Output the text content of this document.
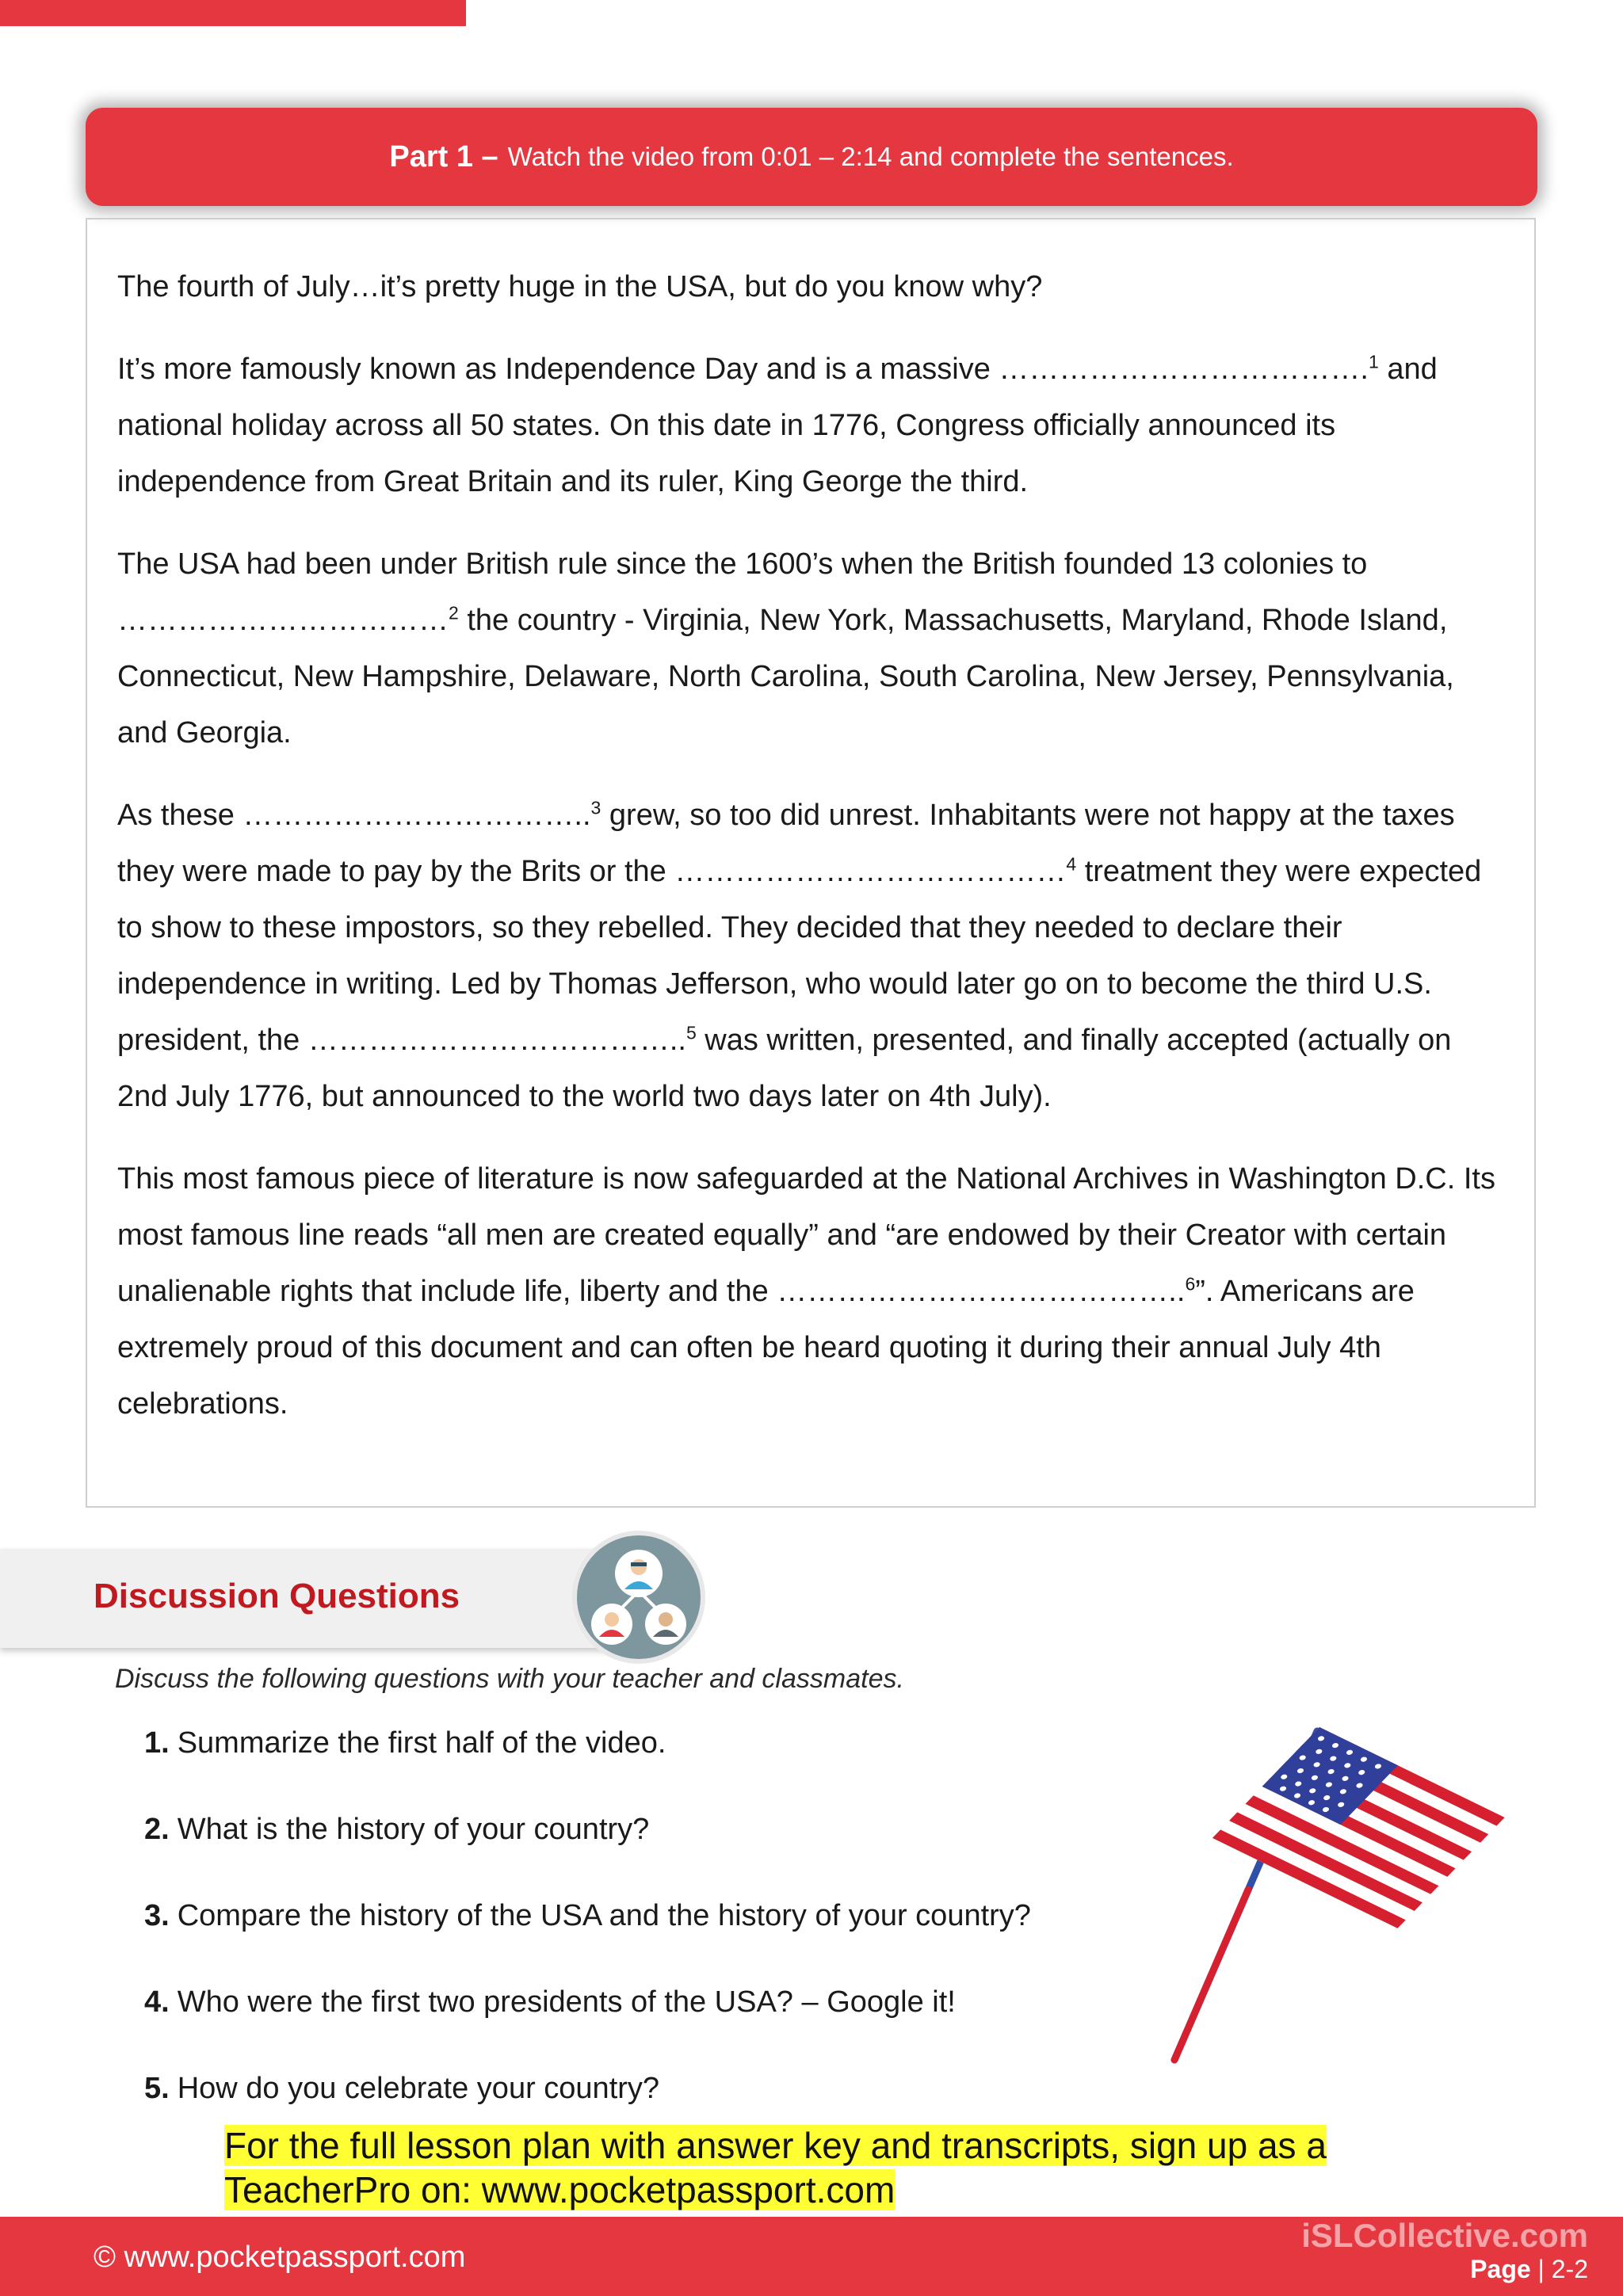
Part 1 – Watch the video from 0:01 – 2:14 and complete the sentences.

The fourth of July…it’s pretty huge in the USA, but do you know why?

It’s more famously known as Independence Day and is a massive ……………………………….$^1$ and national holiday across all 50 states. On this date in 1776, Congress officially announced its independence from Great Britain and its ruler, King George the third.

The USA had been under British rule since the 1600’s when the British founded 13 colonies to ……………………………$^2$ the country - Virginia, New York, Massachusetts, Maryland, Rhode Island, Connecticut, New Hampshire, Delaware, North Carolina, South Carolina, New Jersey, Pennsylvania, and Georgia.

As these ……………………………..$^3$ grew, so too did unrest. Inhabitants were not happy at the taxes they were made to pay by the Brits or the …………………………………$^4$ treatment they were expected to show to these impostors, so they rebelled. They decided that they needed to declare their independence in writing. Led by Thomas Jefferson, who would later go on to become the third U.S. president, the ………………………………..$^5$ was written, presented, and finally accepted (actually on 2nd July 1776, but announced to the world two days later on 4th July).

This most famous piece of literature is now safeguarded at the National Archives in Washington D.C. Its most famous line reads “all men are created equally” and “are endowed by their Creator with certain unalienable rights that include life, liberty and the …………………………………..$^6$”. Americans are extremely proud of this document and can often be heard quoting it during their annual July 4th celebrations.

Discussion Questions
Discuss the following questions with your teacher and classmates.
1. Summarize the first half of the video.
2. What is the history of your country?
3. Compare the history of the USA and the history of your country?
4. Who were the first two presidents of the USA? – Google it!
5. How do you celebrate your country?
For the full lesson plan with answer key and transcripts, sign up as a
TeacherPro on: www.pocketpassport.com
© www.pocketpassport.com
iSLCollective.com
Page | 2-2
